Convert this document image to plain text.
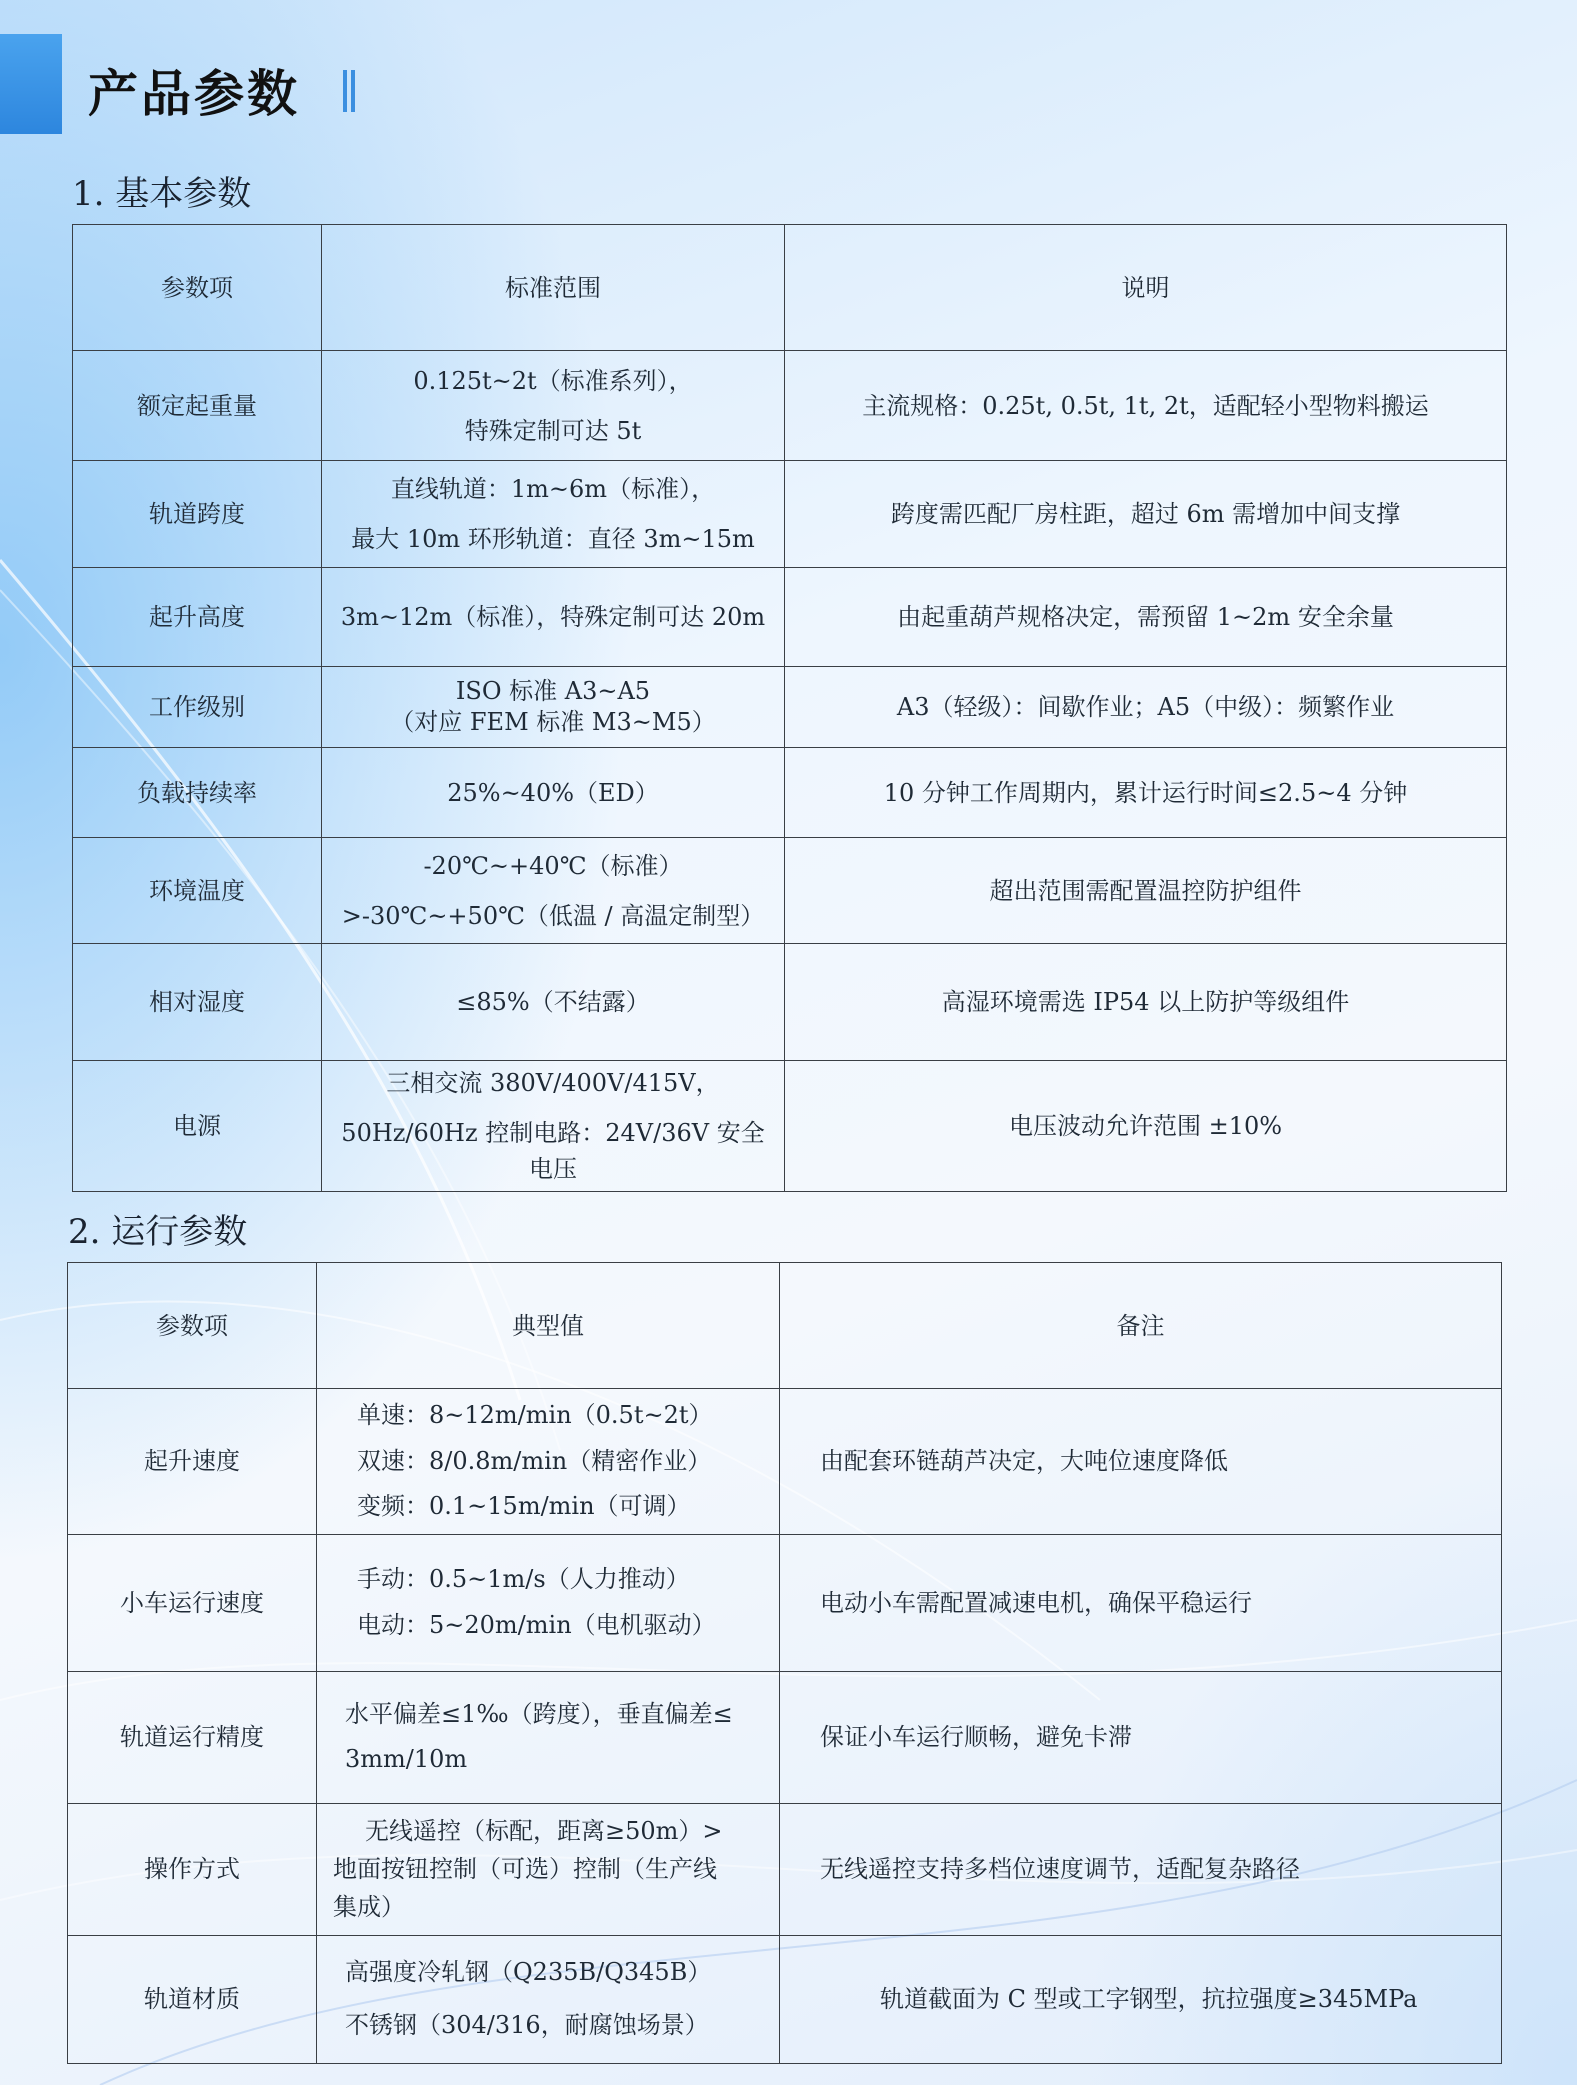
产品参数
1. 基本参数
参数项	标准范围	说明
额定起重量	0.125t~2t（标准系列），
特殊定制可达 5t	主流规格：0.25t, 0.5t, 1t, 2t，适配轻小型物料搬运
轨道跨度	直线轨道：1m~6m（标准），
最大 10m 环形轨道：直径 3m~15m	跨度需匹配厂房柱距，超过 6m 需增加中间支撑
起升高度	3m~12m（标准），特殊定制可达 20m	由起重葫芦规格决定，需预留 1~2m 安全余量
工作级别	ISO 标准 A3~A5
（对应 FEM 标准 M3~M5）	A3（轻级）：间歇作业；A5（中级）：频繁作业
负载持续率	25%~40%（ED）	10 分钟工作周期内，累计运行时间≤2.5~4 分钟
环境温度	-20℃~+40℃（标准）
>-30℃~+50℃（低温 / 高温定制型）	超出范围需配置温控防护组件
相对湿度	≤85%（不结露）	高湿环境需选 IP54 以上防护等级组件
电源	三相交流 380V/400V/415V，
50Hz/60Hz 控制电路：24V/36V 安全电压	电压波动允许范围 ±10%
2. 运行参数
参数项	典型值	备注
起升速度	单速：8~12m/min（0.5t~2t）
双速：8/0.8m/min（精密作业）
变频：0.1~15m/min（可调）	由配套环链葫芦决定，大吨位速度降低
小车运行速度	手动：0.5~1m/s（人力推动）
电动：5~20m/min（电机驱动）	电动小车需配置减速电机，确保平稳运行
轨道运行精度	水平偏差≤1‰（跨度），垂直偏差≤
3mm/10m	保证小车运行顺畅，避免卡滞
操作方式	无线遥控（标配，距离≥50m）>
地面按钮控制（可选）控制（生产线
集成）	无线遥控支持多档位速度调节，适配复杂路径
轨道材质	高强度冷轧钢（Q235B/Q345B）
不锈钢（304/316，耐腐蚀场景）	轨道截面为 C 型或工字钢型，抗拉强度≥345MPa
